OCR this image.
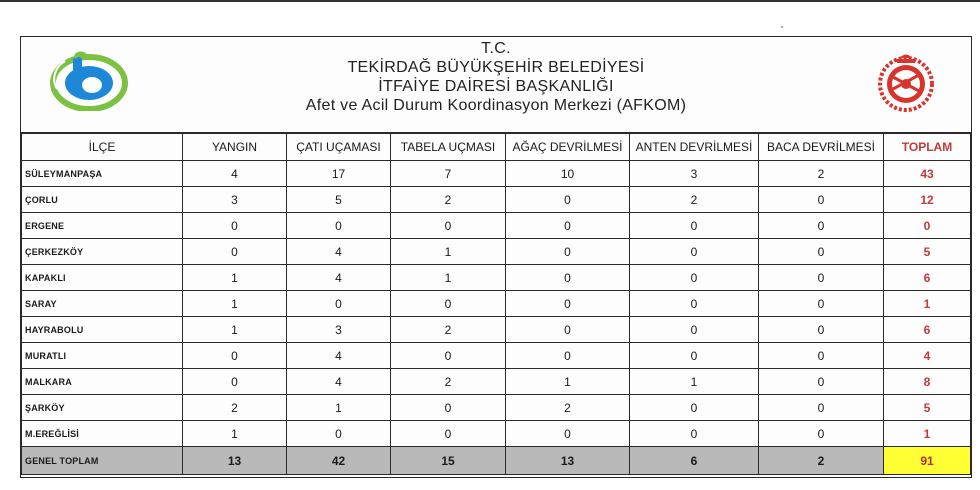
T.C.
TEKİRDAĞ BÜYÜKŞEHİR BELEDİYESİ
İTFAİYE DAİRESİ BAŞKANLIĞI
Afet ve Acil Durum Koordinasyon Merkezi (AFKOM)
İLÇE	YANGIN	ÇATI UÇAMASI	TABELA UÇMASI	AĞAÇ DEVRİLMESİ	ANTEN DEVRİLMESİ	BACA DEVRİLMESİ	TOPLAM
SÜLEYMANPAŞA	4	17	7	10	3	2	43
ÇORLU	3	5	2	0	2	0	12
ERGENE	0	0	0	0	0	0	0
ÇERKEZKÖY	0	4	1	0	0	0	5
KAPAKLI	1	4	1	0	0	0	6
SARAY	1	0	0	0	0	0	1
HAYRABOLU	1	3	2	0	0	0	6
MURATLI	0	4	0	0	0	0	4
MALKARA	0	4	2	1	1	0	8
ŞARKÖY	2	1	0	2	0	0	5
M.EREĞLİSİ	1	0	0	0	0	0	1
GENEL TOPLAM	13	42	15	13	6	2	91
